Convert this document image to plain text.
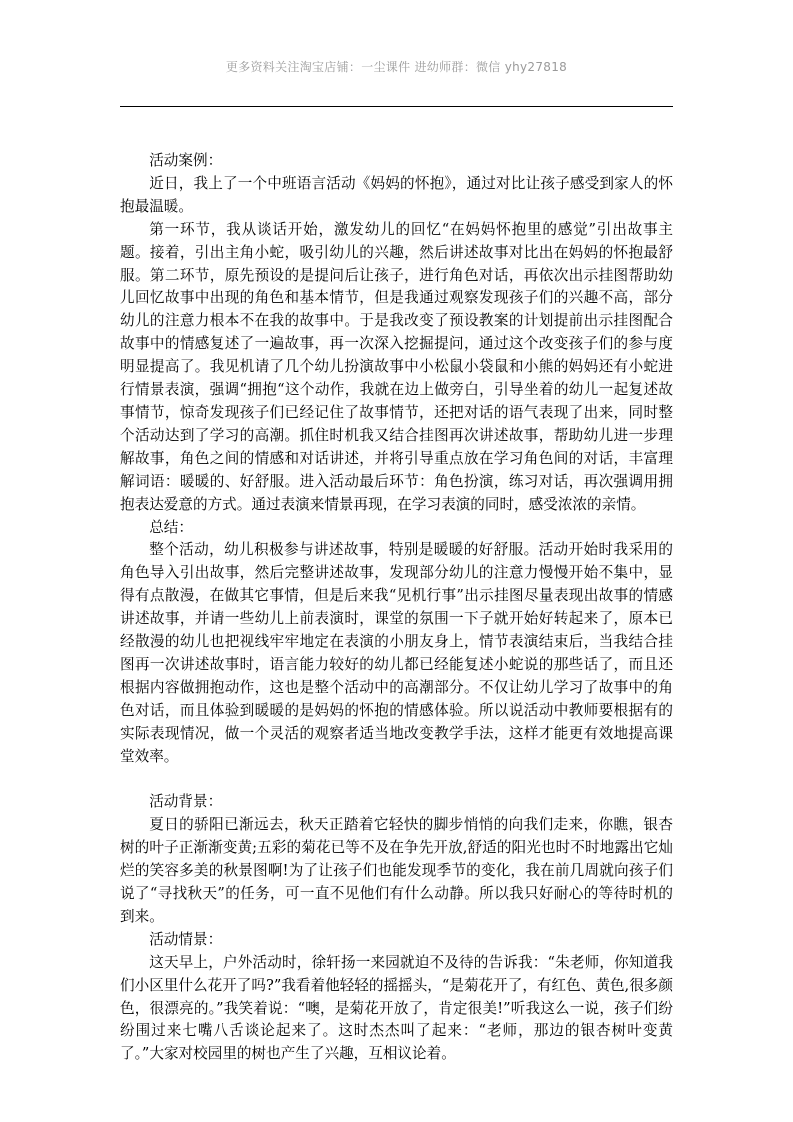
更多资料关注淘宝店铺：一尘课件 进幼师群：微信 yhy27818

活动案例：

近日，我上了一个中班语言活动《妈妈的怀抱》，通过对比让孩子感受到家人的怀抱最温暖。

第一环节，我从谈话开始，激发幼儿的回忆“在妈妈怀抱里的感觉”引出故事主题。接着，引出主角小蛇，吸引幼儿的兴趣，然后讲述故事对比出在妈妈的怀抱最舒服。第二环节，原先预设的是提问后让孩子，进行角色对话，再依次出示挂图帮助幼儿回忆故事中出现的角色和基本情节，但是我通过观察发现孩子们的兴趣不高，部分幼儿的注意力根本不在我的故事中。于是我改变了预设教案的计划提前出示挂图配合故事中的情感复述了一遍故事，再一次深入挖掘提问，通过这个改变孩子们的参与度明显提高了。我见机请了几个幼儿扮演故事中小松鼠小袋鼠和小熊的妈妈还有小蛇进行情景表演，强调“拥抱“这个动作，我就在边上做旁白，引导坐着的幼儿一起复述故事情节，惊奇发现孩子们已经记住了故事情节，还把对话的语气表现了出来，同时整个活动达到了学习的高潮。抓住时机我又结合挂图再次讲述故事，帮助幼儿进一步理解故事，角色之间的情感和对话讲述，并将引导重点放在学习角色间的对话，丰富理解词语：暖暖的、好舒服。进入活动最后环节：角色扮演，练习对话，再次强调用拥抱表达爱意的方式。通过表演来情景再现，在学习表演的同时，感受浓浓的亲情。

总结：

整个活动，幼儿积极参与讲述故事，特别是暖暖的好舒服。活动开始时我采用的角色导入引出故事，然后完整讲述故事，发现部分幼儿的注意力慢慢开始不集中，显得有点散漫，在做其它事情，但是后来我“见机行事”出示挂图尽量表现出故事的情感讲述故事，并请一些幼儿上前表演时，课堂的氛围一下子就开始好转起来了，原本已经散漫的幼儿也把视线牢牢地定在表演的小朋友身上，情节表演结束后，当我结合挂图再一次讲述故事时，语言能力较好的幼儿都已经能复述小蛇说的那些话了，而且还根据内容做拥抱动作，这也是整个活动中的高潮部分。不仅让幼儿学习了故事中的角色对话，而且体验到暖暖的是妈妈的怀抱的情感体验。所以说活动中教师要根据有的实际表现情况，做一个灵活的观察者适当地改变教学手法，这样才能更有效地提高课堂效率。

活动背景：

夏日的骄阳已渐远去，秋天正踏着它轻快的脚步悄悄的向我们走来，你瞧，银杏树的叶子正渐渐变黄;五彩的菊花已等不及在争先开放,舒适的阳光也时不时地露出它灿烂的笑容多美的秋景图啊!为了让孩子们也能发现季节的变化，我在前几周就向孩子们说了“寻找秋天”的任务，可一直不见他们有什么动静。所以我只好耐心的等待时机的到来。

活动情景：

这天早上，户外活动时，徐轩扬一来园就迫不及待的告诉我：“朱老师，你知道我们小区里什么花开了吗?”我看着他轻轻的摇摇头，“是菊花开了，有红色、黄色,很多颜色，很漂亮的。”我笑着说：“噢，是菊花开放了，肯定很美!”听我这么一说，孩子们纷纷围过来七嘴八舌谈论起来了。这时杰杰叫了起来：“老师，那边的银杏树叶变黄了。”大家对校园里的树也产生了兴趣，互相议论着。
